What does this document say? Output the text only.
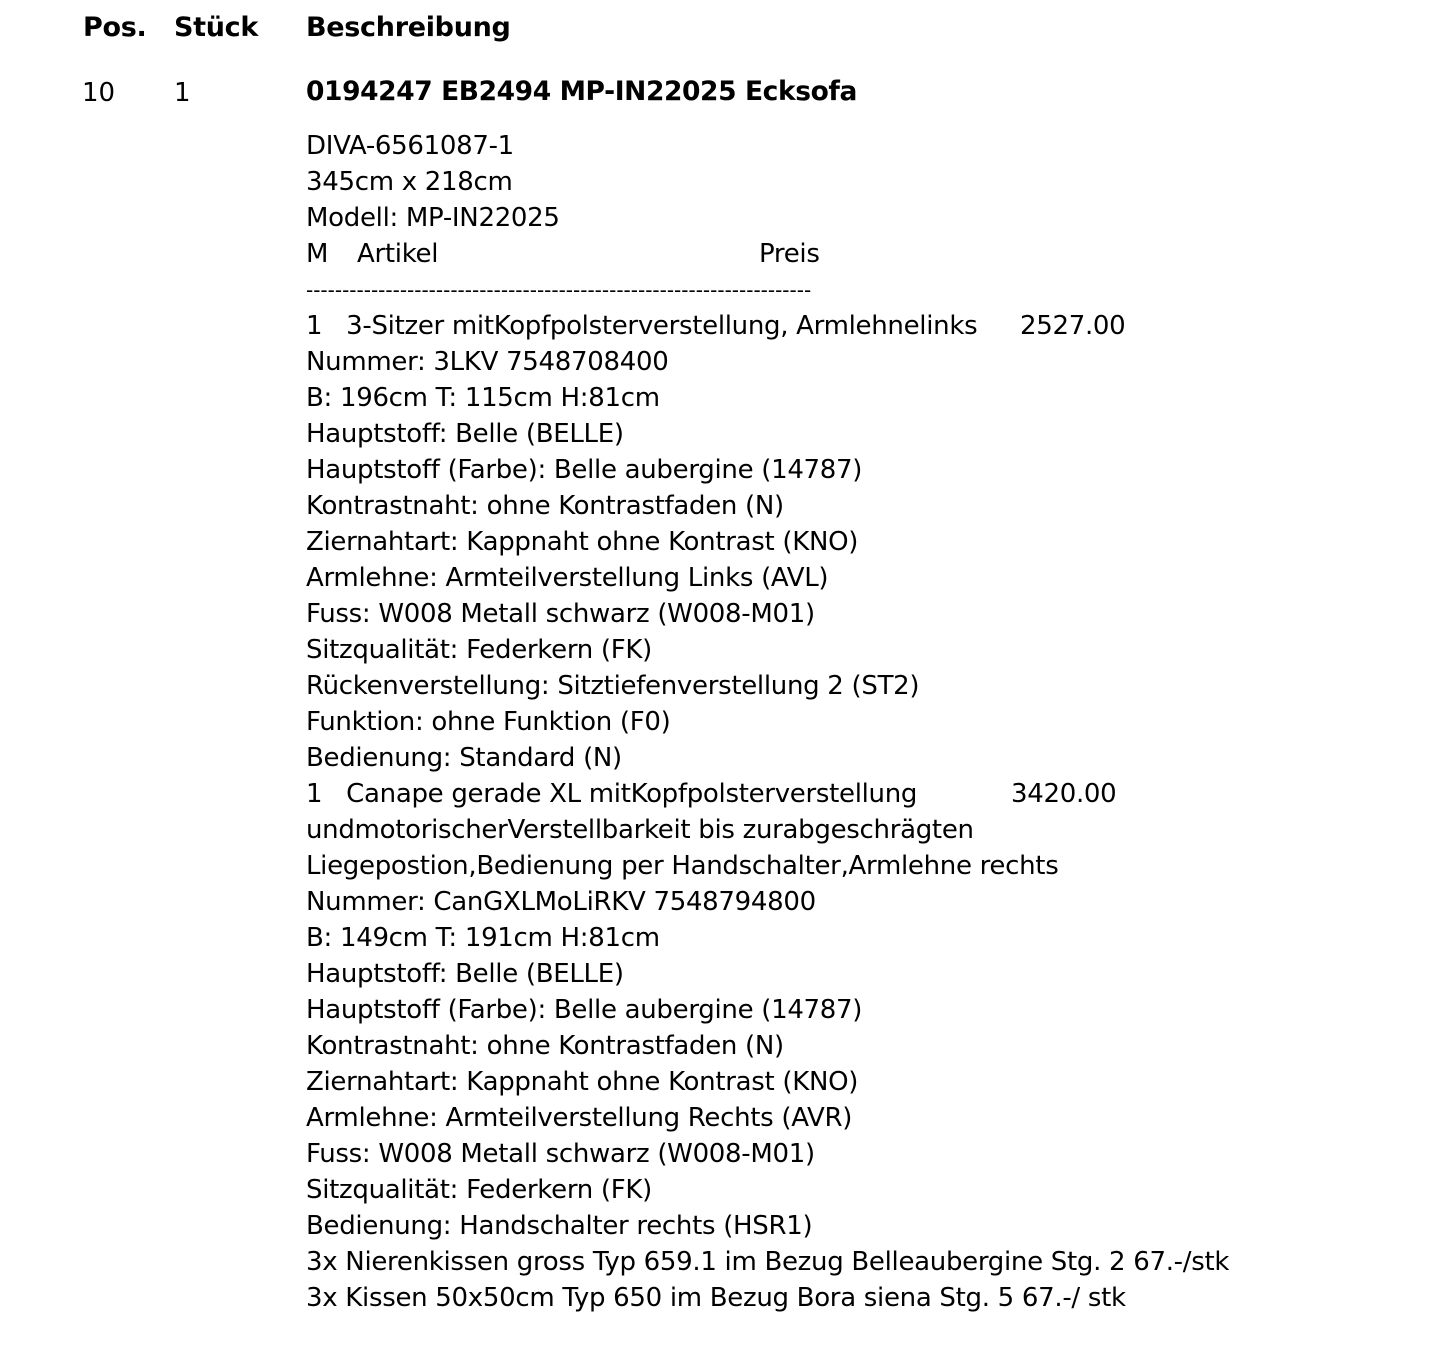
Pos. Stück Beschreibung
10 1	0194247 EB2494 MP-IN22025 Ecksofa
DIVA-6561087-1
345cm x 218cm
Modell: MP-IN22025
M Artikel	Preis
----------------------------------------------------------------------
1 3-Sitzer mitKopfpolsterverstellung, Armlehnelinks 2527.00
Nummer: 3LKV 7548708400
B: 196cm T: 115cm H:81cm
Hauptstoff: Belle (BELLE)
Hauptstoff (Farbe): Belle aubergine (14787)
Kontrastnaht: ohne Kontrastfaden (N)
Ziernahtart: Kappnaht ohne Kontrast (KNO)
Armlehne: Armteilverstellung Links (AVL)
Fuss: W008 Metall schwarz (W008-M01)
Sitzqualität: Federkern (FK)
Rückenverstellung: Sitztiefenverstellung 2 (ST2)
Funktion: ohne Funktion (F0)
Bedienung: Standard (N)
1 Canape gerade XL mitKopfpolsterverstellung	3420.00
undmotorischerVerstellbarkeit bis zurabgeschrägten
Liegepostion,Bedienung per Handschalter,Armlehne rechts
Nummer: CanGXLMoLiRKV 7548794800
B: 149cm T: 191cm H:81cm
Hauptstoff: Belle (BELLE)
Hauptstoff (Farbe): Belle aubergine (14787)
Kontrastnaht: ohne Kontrastfaden (N)
Ziernahtart: Kappnaht ohne Kontrast (KNO)
Armlehne: Armteilverstellung Rechts (AVR)
Fuss: W008 Metall schwarz (W008-M01)
Sitzqualität: Federkern (FK)
Bedienung: Handschalter rechts (HSR1)
3x Nierenkissen gross Typ 659.1 im Bezug Belleaubergine Stg. 2 67.-/stk
3x Kissen 50x50cm Typ 650 im Bezug Bora siena Stg. 5 67.-/ stk
